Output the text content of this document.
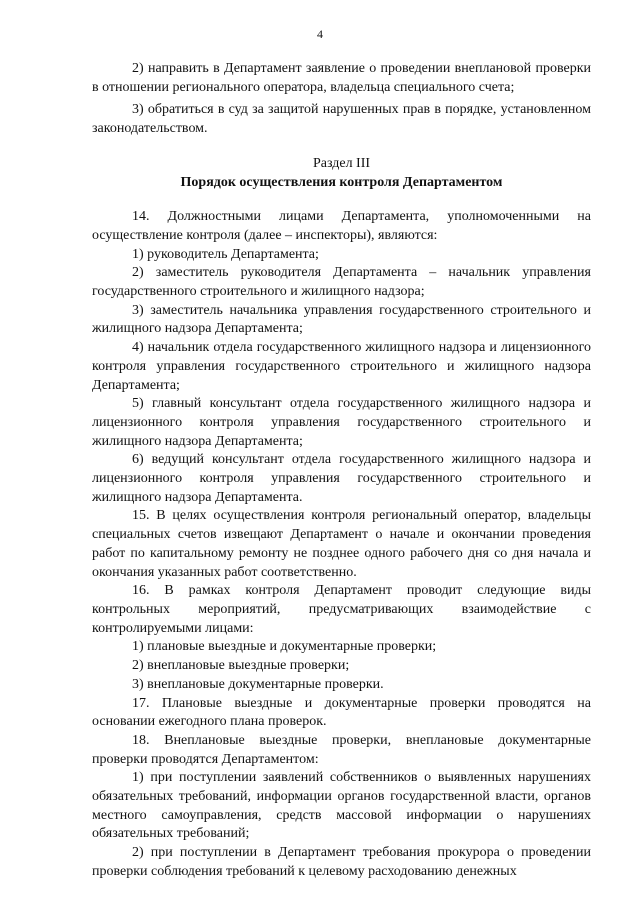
4

2) направить в Департамент заявление о проведении внеплановой проверки в отношении регионального оператора, владельца специального счета;

3) обратиться в суд за защитой нарушенных прав в порядке, установленном законодательством.

Раздел III

Порядок осуществления контроля Департаментом

14. Должностными лицами Департамента, уполномоченными на осуществление контроля (далее – инспекторы), являются:

1) руководитель Департамента;

2) заместитель руководителя Департамента – начальник управления государственного строительного и жилищного надзора;

3) заместитель начальника управления государственного строительного и жилищного надзора Департамента;

4) начальник отдела государственного жилищного надзора и лицензионного контроля управления государственного строительного и жилищного надзора Департамента;

5) главный консультант отдела государственного жилищного надзора и лицензионного контроля управления государственного строительного и жилищного надзора Департамента;

6) ведущий консультант отдела государственного жилищного надзора и лицензионного контроля управления государственного строительного и жилищного надзора Департамента.

15. В целях осуществления контроля региональный оператор, владельцы специальных счетов извещают Департамент о начале и окончании проведения работ по капитальному ремонту не позднее одного рабочего дня со дня начала и окончания указанных работ соответственно.

16. В рамках контроля Департамент проводит следующие виды контрольных мероприятий, предусматривающих взаимодействие с контролируемыми лицами:

1) плановые выездные и документарные проверки;

2) внеплановые выездные проверки;

3) внеплановые документарные проверки.

17. Плановые выездные и документарные проверки проводятся на основании ежегодного плана проверок.

18. Внеплановые выездные проверки, внеплановые документарные проверки проводятся Департаментом:

1) при поступлении заявлений собственников о выявленных нарушениях обязательных требований, информации органов государственной власти, органов местного самоуправления, средств массовой информации о нарушениях обязательных требований;

2) при поступлении в Департамент требования прокурора о проведении проверки соблюдения требований к целевому расходованию денежных
